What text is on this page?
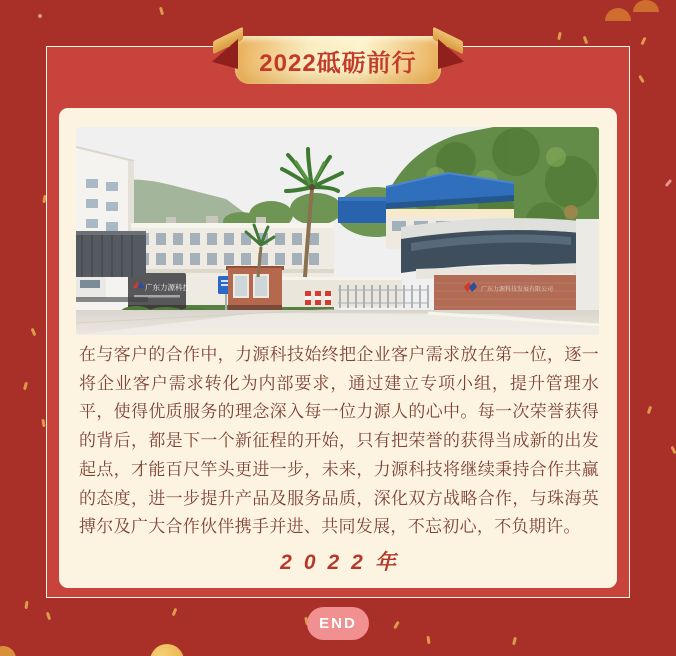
广东力源科技发展有限公司
广东力源科技

在与客户的合作中，力源科技始终把企业客户需求放在第一位，逐一将企业客户需求转化为内部要求，通过建立专项小组，提升管理水平，使得优质服务的理念深入每一位力源人的心中。每一次荣誉获得的背后，都是下一个新征程的开始，只有把荣誉的获得当成新的出发起点，才能百尺竿头更进一步，未来，力源科技将继续秉持合作共赢的态度，进一步提升产品及服务品质，深化双方战略合作，与珠海英搏尔及广大合作伙伴携手并进、共同发展，不忘初心，不负期许。

2022年
2022砥砺前行
END
